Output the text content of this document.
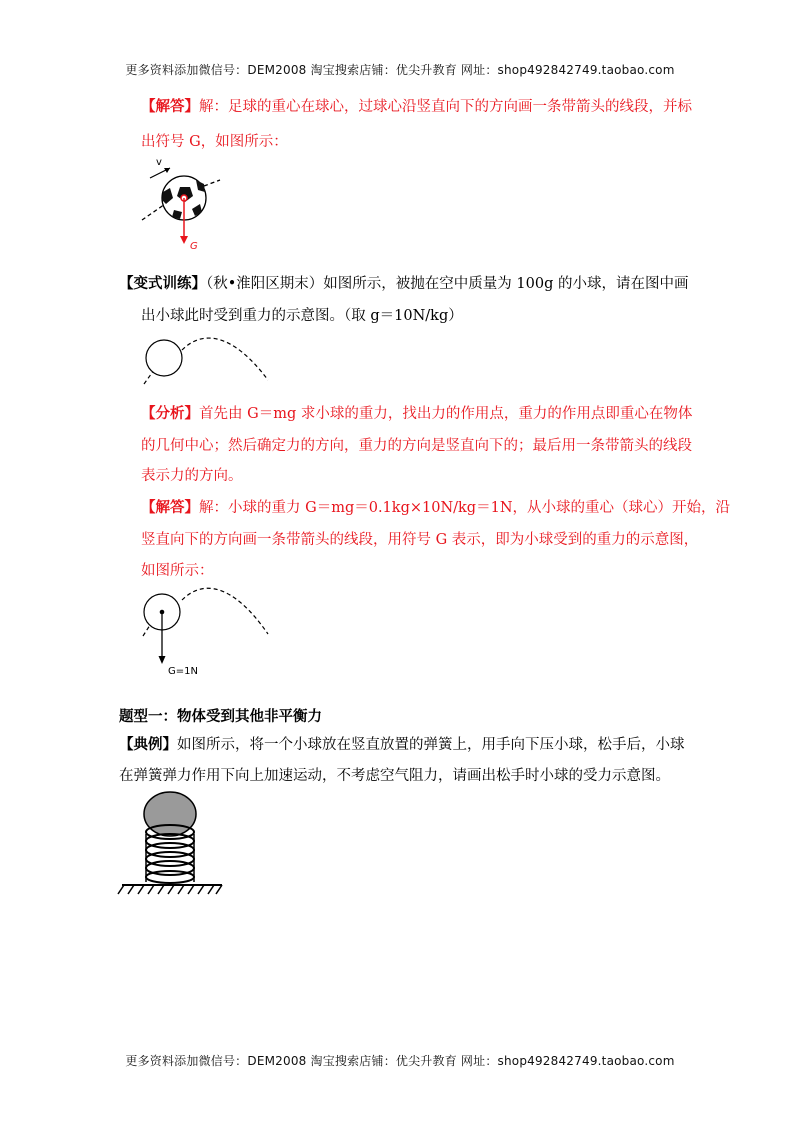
更多资料添加微信号：DEM2008 淘宝搜索店铺：优尖升教育 网址：shop492842749.taobao.com
【解答】解：足球的重心在球心，过球心沿竖直向下的方向画一条带箭头的线段，并标
出符号 G，如图所示：
v
G
【变式训练】（秋•淮阳区期末）如图所示，被抛在空中质量为 100g 的小球，请在图中画
出小球此时受到重力的示意图。（取 g＝10N/kg）
【分析】首先由 G＝mg 求小球的重力，找出力的作用点，重力的作用点即重心在物体
的几何中心；然后确定力的方向，重力的方向是竖直向下的；最后用一条带箭头的线段
表示力的方向。
【解答】解：小球的重力 G＝mg＝0.1kg×10N/kg＝1N，从小球的重心（球心）开始，沿
竖直向下的方向画一条带箭头的线段，用符号 G 表示，即为小球受到的重力的示意图，
如图所示：
G=1N
题型一：物体受到其他非平衡力
【典例】如图所示，将一个小球放在竖直放置的弹簧上，用手向下压小球，松手后，小球
在弹簧弹力作用下向上加速运动，不考虑空气阻力，请画出松手时小球的受力示意图。
更多资料添加微信号：DEM2008 淘宝搜索店铺：优尖升教育 网址：shop492842749.taobao.com
